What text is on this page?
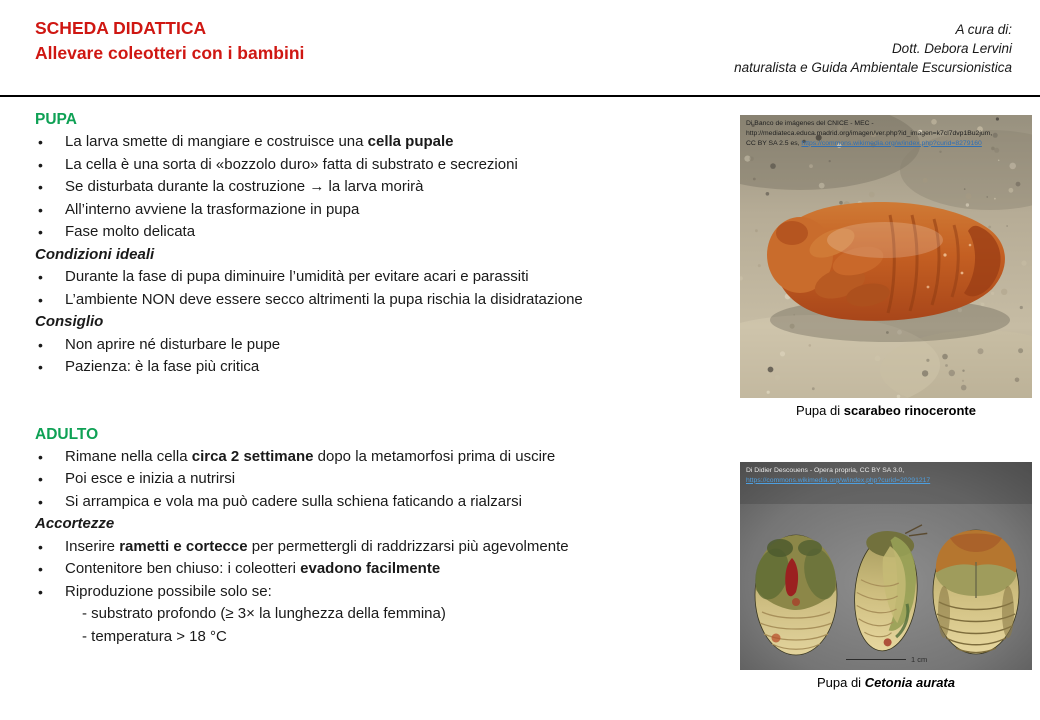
SCHEDA DIDATTICA
Allevare coleotteri con i bambini
A cura di:
Dott. Debora Lervini
naturalista e Guida Ambientale Escursionistica
PUPA
• La larva smette di mangiare e costruisce una cella pupale
• La cella è una sorta di «bozzolo duro» fatta di substrato e secrezioni
• Se disturbata durante la costruzione → la larva morirà
• All’interno avviene la trasformazione in pupa
• Fase molto delicata
Condizioni ideali
• Durante la fase di pupa diminuire l’umidità per evitare acari e parassiti
• L’ambiente NON deve essere secco altrimenti la pupa rischia la disidratazione
Consiglio
• Non aprire né disturbare le pupe
• Pazienza: è la fase più critica
ADULTO
• Rimane nella cella circa 2 settimane dopo la metamorfosi prima di uscire
• Poi esce e inizia a nutrirsi
• Si arrampica e vola ma può cadere sulla schiena faticando a rialzarsi
Accortezze
• Inserire rametti e cortecce per permettergli di raddrizzarsi più agevolmente
• Contenitore ben chiuso: i coleotteri evadono facilmente
• Riproduzione possibile solo se:
- substrato profondo (≥ 3× la lunghezza della femmina)
- temperatura > 18 °C
Di Banco de imágenes del CNICE - MEC -
http://mediateca.educa.madrid.org/imagen/ver.php?id_imagen=k7cl7dvp1Bu2jum,
CC BY SA 2.5 es, https://commons.wikimedia.org/w/index.php?curid=8279160
Pupa di scarabeo rinoceronte
Di Didier Descouens - Opera propria, CC BY SA 3.0,
https://commons.wikimedia.org/w/index.php?curid=20291217
1 cm
Pupa di Cetonia aurata
